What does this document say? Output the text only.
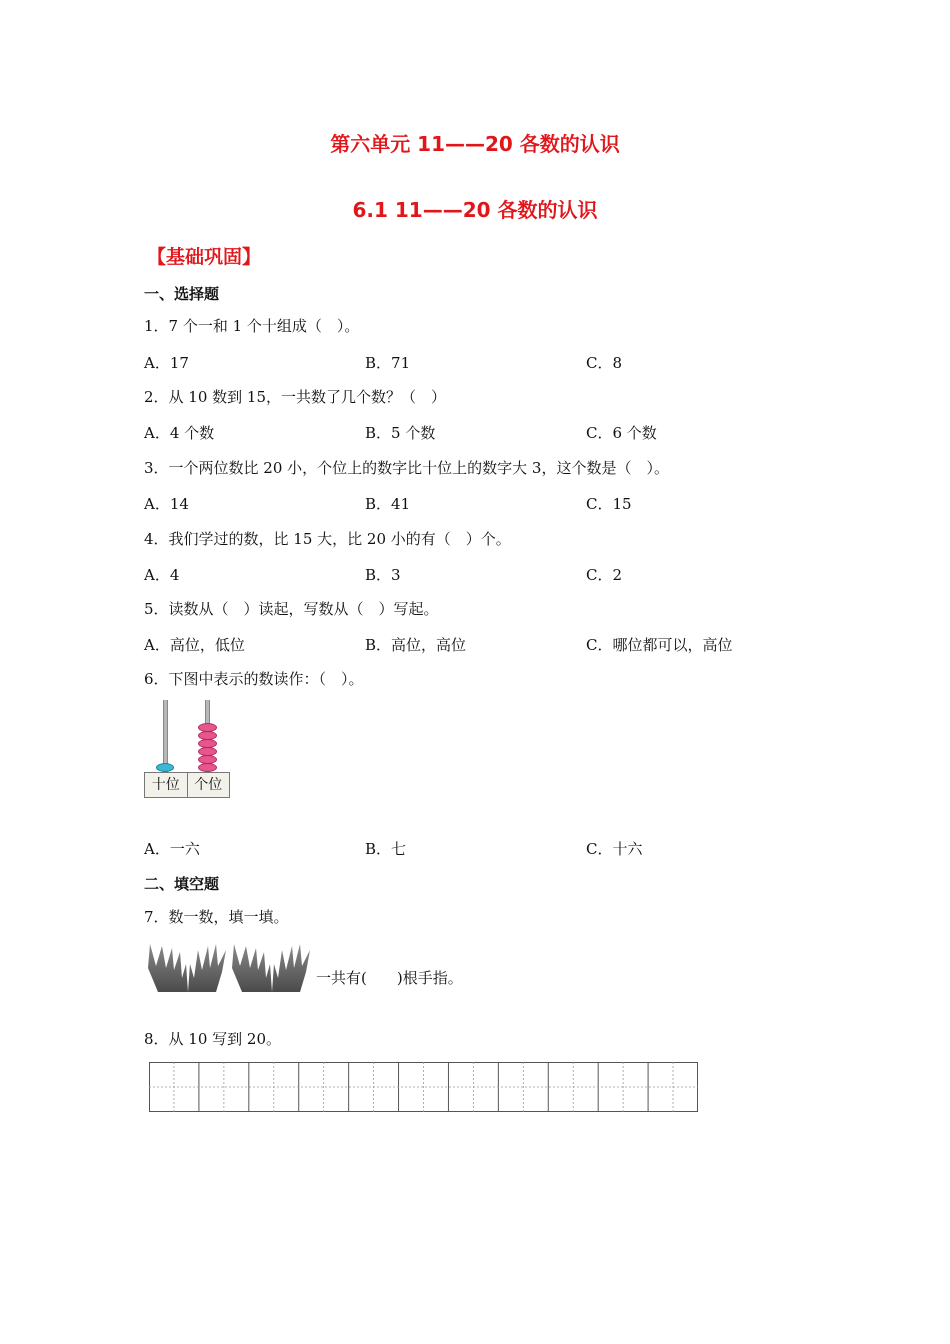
第六单元 11——20 各数的认识
6.1 11——20 各数的认识
【基础巩固】
一、选择题
1．7 个一和 1 个十组成（　）。
A．17	B．71	C．8
2．从 10 数到 15，一共数了几个数？（　）
A．4 个数	B．5 个数	C．6 个数
3．一个两位数比 20 小，个位上的数字比十位上的数字大 3，这个数是（　）。
A．14	B．41	C．15
4．我们学过的数，比 15 大，比 20 小的有（　）个。
A．4	B．3	C．2
5．读数从（　）读起，写数从（　）写起。
A．高位，低位	B．高位，高位	C．哪位都可以，高位
6．下图中表示的数读作：（　）。
十位	个位
A．一六	B．七	C．十六
二、填空题
7．数一数，填一填。
一共有(　　)根手指。
8．从 10 写到 20。
